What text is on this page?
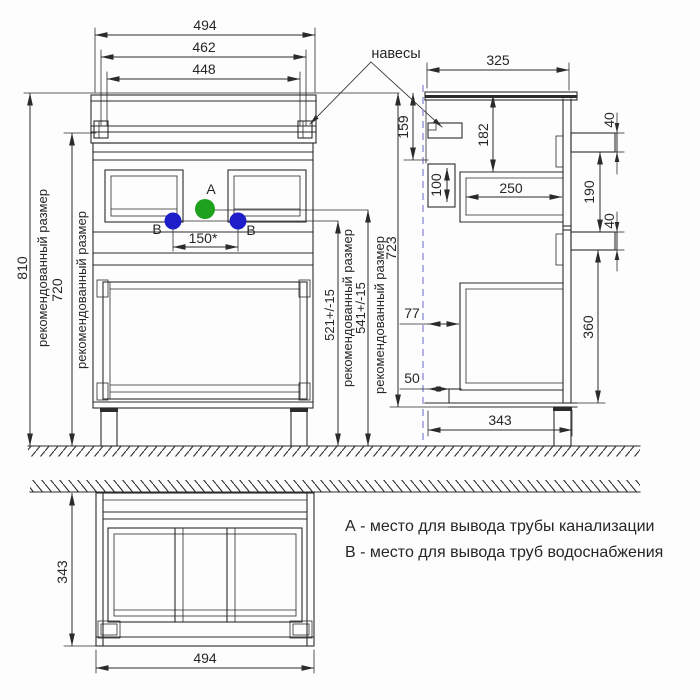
494
462
448
810 рекомендованный размер 720 рекомендованный размер	521+/-15 рекомендованный размер
541+/-15 рекомендованный размер
723
150*
A
B	B
навесы	325
159	182
100	250
40
190
40
77
50
360
343
343
494
А - место для вывода трубы канализации
В - место для вывода труб водоснабжения
